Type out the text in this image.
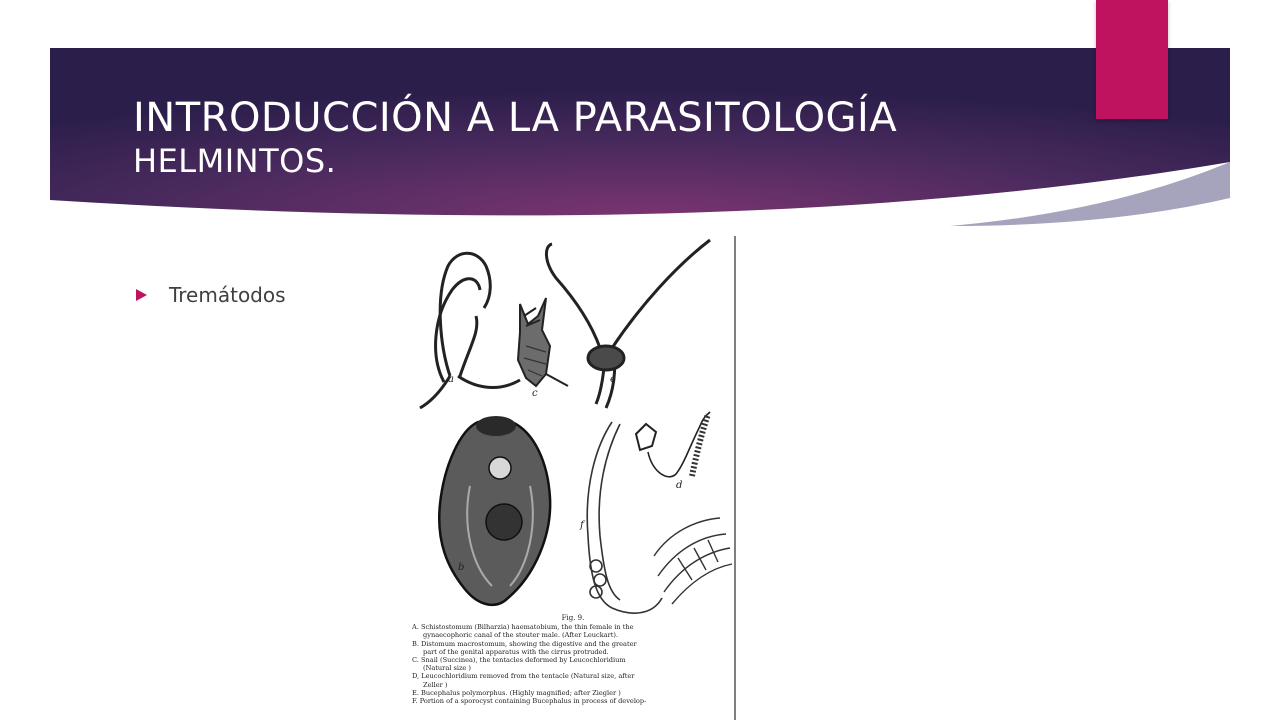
INTRODUCCIÓN A LA PARASITOLOGÍA
HELMINTOS.
Tremátodos
a
c
e
b
d
f
Fig. 9.
A. Schistostomum (Bilharzia) haematobium, the thin female in the
gynaecophoric canal of the stouter male. (After Leuckart).
B. Distomum macrostomum, showing the digestive and the greater
part of the genital apparatus with the cirrus protruded.
C. Snail (Succinea), the tentacles deformed by Leucochloridium
(Natural size )
D, Leucochloridium removed from the tentacle (Natural size, after
Zeller )
E. Bucephalus polymorphus. (Highly magnified; after Ziegler )
F. Portion of a sporocyst containing Bucephalus in process of develop-
